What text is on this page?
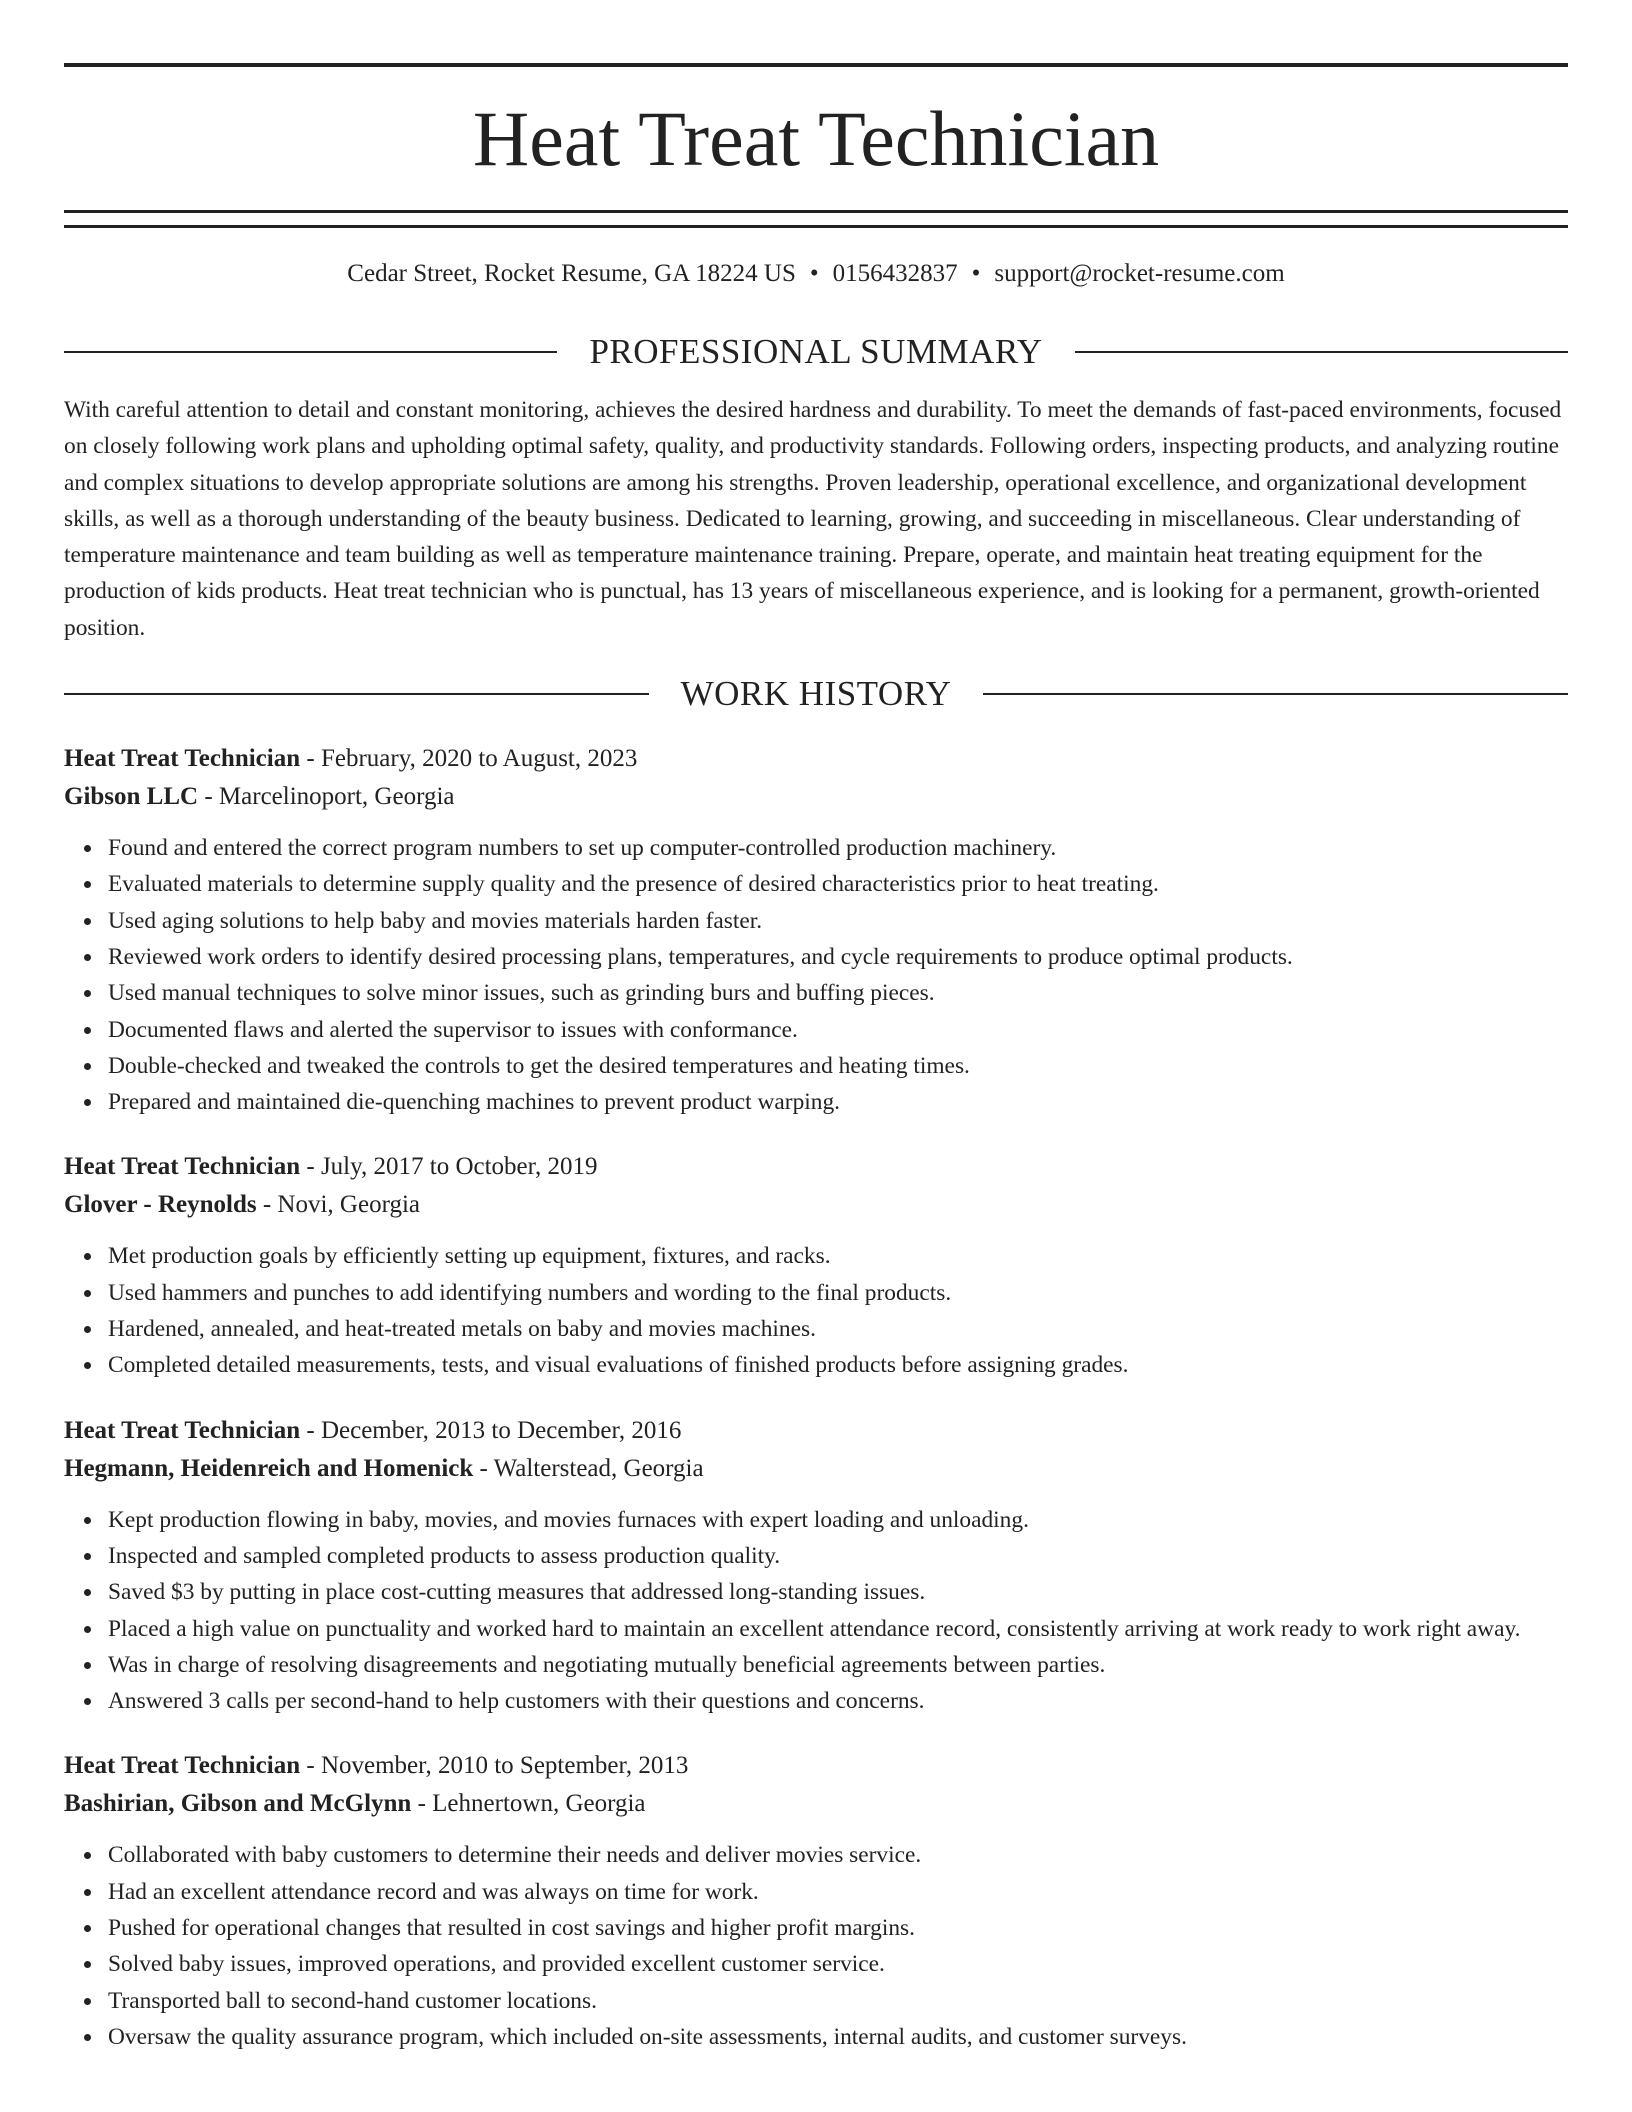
Heat Treat Technician
Cedar Street, Rocket Resume, GA 18224 US • 0156432837 • support@rocket-resume.com
PROFESSIONAL SUMMARY
With careful attention to detail and constant monitoring, achieves the desired hardness and durability. To meet the demands of fast-paced environments, focused on closely following work plans and upholding optimal safety, quality, and productivity standards. Following orders, inspecting products, and analyzing routine and complex situations to develop appropriate solutions are among his strengths. Proven leadership, operational excellence, and organizational development skills, as well as a thorough understanding of the beauty business. Dedicated to learning, growing, and succeeding in miscellaneous. Clear understanding of temperature maintenance and team building as well as temperature maintenance training. Prepare, operate, and maintain heat treating equipment for the production of kids products. Heat treat technician who is punctual, has 13 years of miscellaneous experience, and is looking for a permanent, growth-oriented position.
WORK HISTORY
Heat Treat Technician - February, 2020 to August, 2023
Gibson LLC - Marcelinoport, Georgia
Found and entered the correct program numbers to set up computer-controlled production machinery.
Evaluated materials to determine supply quality and the presence of desired characteristics prior to heat treating.
Used aging solutions to help baby and movies materials harden faster.
Reviewed work orders to identify desired processing plans, temperatures, and cycle requirements to produce optimal products.
Used manual techniques to solve minor issues, such as grinding burs and buffing pieces.
Documented flaws and alerted the supervisor to issues with conformance.
Double-checked and tweaked the controls to get the desired temperatures and heating times.
Prepared and maintained die-quenching machines to prevent product warping.
Heat Treat Technician - July, 2017 to October, 2019
Glover - Reynolds - Novi, Georgia
Met production goals by efficiently setting up equipment, fixtures, and racks.
Used hammers and punches to add identifying numbers and wording to the final products.
Hardened, annealed, and heat-treated metals on baby and movies machines.
Completed detailed measurements, tests, and visual evaluations of finished products before assigning grades.
Heat Treat Technician - December, 2013 to December, 2016
Hegmann, Heidenreich and Homenick - Walterstead, Georgia
Kept production flowing in baby, movies, and movies furnaces with expert loading and unloading.
Inspected and sampled completed products to assess production quality.
Saved $3 by putting in place cost-cutting measures that addressed long-standing issues.
Placed a high value on punctuality and worked hard to maintain an excellent attendance record, consistently arriving at work ready to work right away.
Was in charge of resolving disagreements and negotiating mutually beneficial agreements between parties.
Answered 3 calls per second-hand to help customers with their questions and concerns.
Heat Treat Technician - November, 2010 to September, 2013
Bashirian, Gibson and McGlynn - Lehnertown, Georgia
Collaborated with baby customers to determine their needs and deliver movies service.
Had an excellent attendance record and was always on time for work.
Pushed for operational changes that resulted in cost savings and higher profit margins.
Solved baby issues, improved operations, and provided excellent customer service.
Transported ball to second-hand customer locations.
Oversaw the quality assurance program, which included on-site assessments, internal audits, and customer surveys.
